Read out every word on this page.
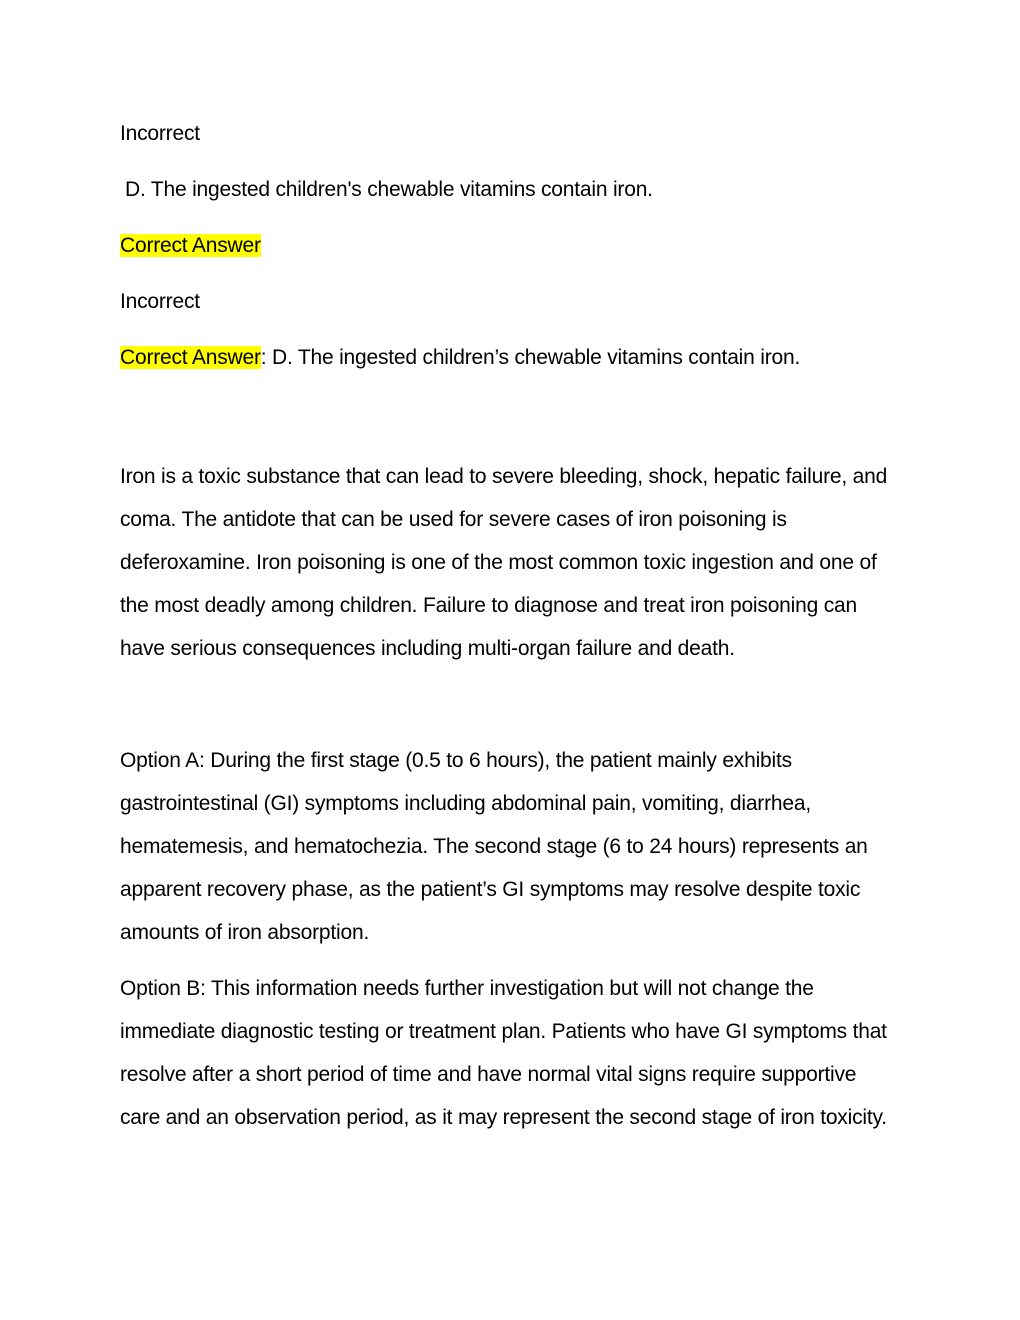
Incorrect

D. The ingested children's chewable vitamins contain iron.

Correct Answer

Incorrect

Correct Answer: D. The ingested children’s chewable vitamins contain iron.

Iron is a toxic substance that can lead to severe bleeding, shock, hepatic failure, and coma. The antidote that can be used for severe cases of iron poisoning is deferoxamine. Iron poisoning is one of the most common toxic ingestion and one of the most deadly among children. Failure to diagnose and treat iron poisoning can have serious consequences including multi-organ failure and death.

Option A: During the first stage (0.5 to 6 hours), the patient mainly exhibits gastrointestinal (GI) symptoms including abdominal pain, vomiting, diarrhea, hematemesis, and hematochezia. The second stage (6 to 24 hours) represents an apparent recovery phase, as the patient’s GI symptoms may resolve despite toxic amounts of iron absorption.

Option B: This information needs further investigation but will not change the immediate diagnostic testing or treatment plan. Patients who have GI symptoms that resolve after a short period of time and have normal vital signs require supportive care and an observation period, as it may represent the second stage of iron toxicity.
